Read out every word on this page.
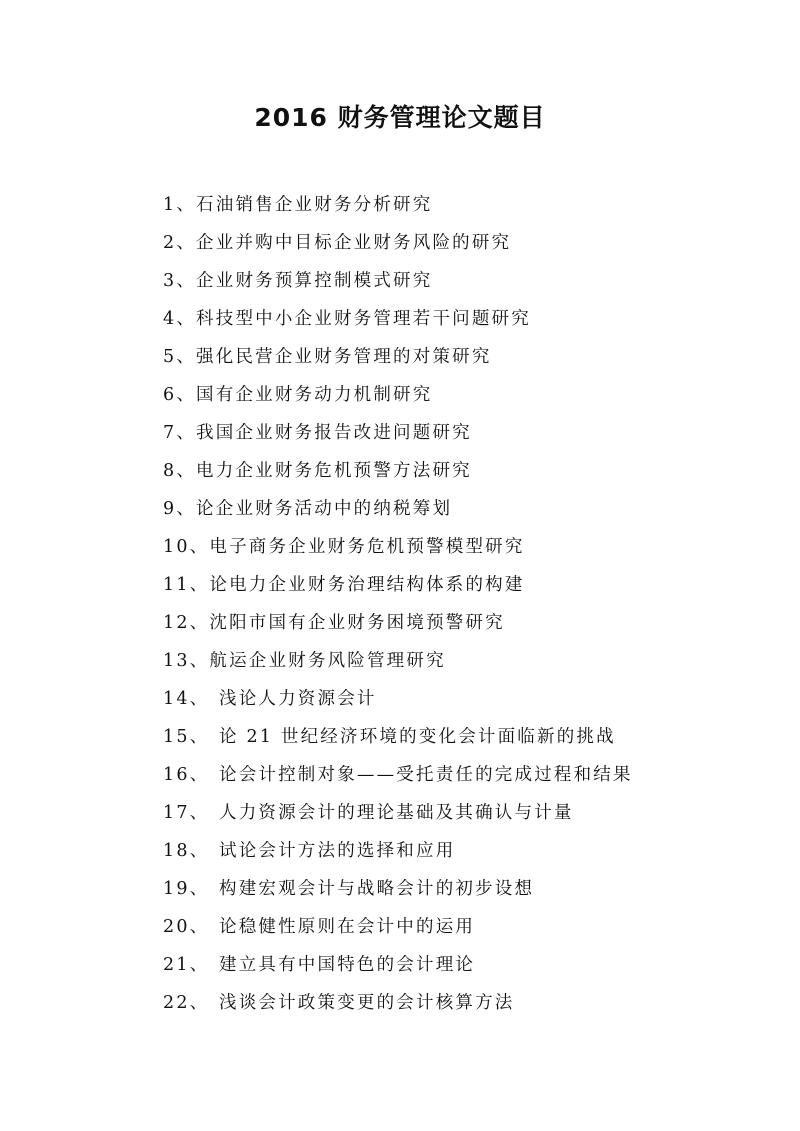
2016 财务管理论文题目
1、石油销售企业财务分析研究
2、企业并购中目标企业财务风险的研究
3、企业财务预算控制模式研究
4、科技型中小企业财务管理若干问题研究
5、强化民营企业财务管理的对策研究
6、国有企业财务动力机制研究
7、我国企业财务报告改进问题研究
8、电力企业财务危机预警方法研究
9、论企业财务活动中的纳税筹划
10、电子商务企业财务危机预警模型研究
11、论电力企业财务治理结构体系的构建
12、沈阳市国有企业财务困境预警研究
13、航运企业财务风险管理研究
14、 浅论人力资源会计
15、 论 21 世纪经济环境的变化会计面临新的挑战
16、 论会计控制对象——受托责任的完成过程和结果
17、 人力资源会计的理论基础及其确认与计量
18、 试论会计方法的选择和应用
19、 构建宏观会计与战略会计的初步设想
20、 论稳健性原则在会计中的运用
21、 建立具有中国特色的会计理论
22、 浅谈会计政策变更的会计核算方法
